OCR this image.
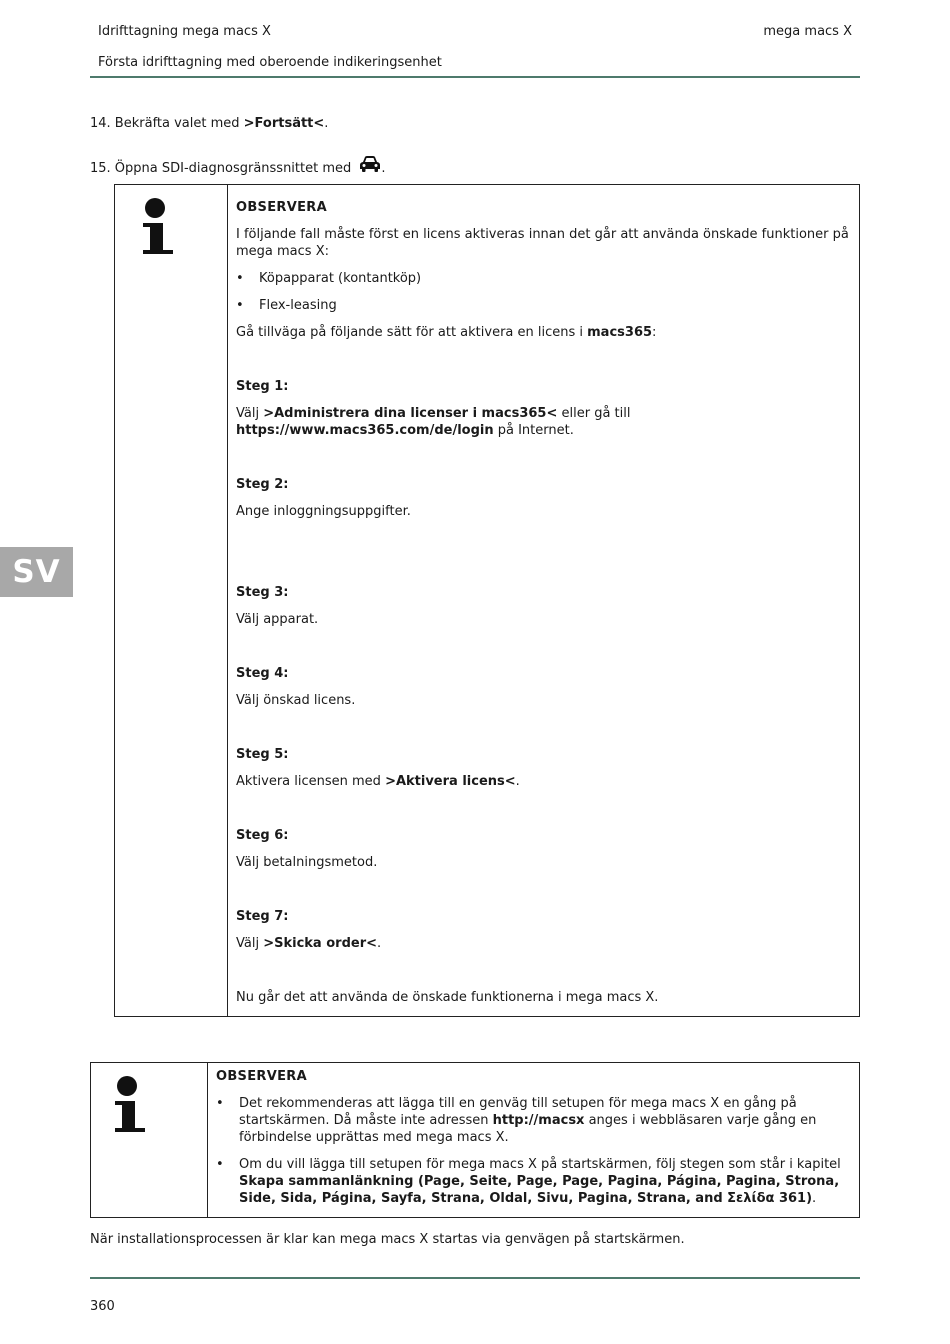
Idrifttagning mega macs X
Första idrifttagning med oberoende indikeringsenhet
mega macs X
14. Bekräfta valet med >Fortsätt<.
15. Öppna SDI-diagnosgränssnittet med .

OBSERVERA

I följande fall måste först en licens aktiveras innan det går att använda önskade funktioner på mega macs X:

• Köpapparat (kontantköp)

• Flex-leasing

Gå tillväga på följande sätt för att aktivera en licens i macs365:

Steg 1:

Välj >Administrera dina licenser i macs365< eller gå till https://www.macs365.com/de/login på Internet.

Steg 2:

Ange inloggningsuppgifter.

Steg 3:

Välj apparat.

Steg 4:

Välj önskad licens.

Steg 5:

Aktivera licensen med >Aktivera licens<.

Steg 6:

Välj betalningsmetod.

Steg 7:

Välj >Skicka order<.

Nu går det att använda de önskade funktionerna i mega macs X.

SV

OBSERVERA

• Det rekommenderas att lägga till en genväg till setupen för mega macs X en gång på startskärmen. Då måste inte adressen http://macsx anges i webbläsaren varje gång en förbindelse upprättas med mega macs X.

• Om du vill lägga till setupen för mega macs X på startskärmen, följ stegen som står i kapitel Skapa sammanlänkning (Page, Seite, Page, Page, Pagina, Página, Pagina, Strona, Side, Sida, Página, Sayfa, Strana, Oldal, Sivu, Pagina, Strana, and Σελίδα 361).

När installationsprocessen är klar kan mega macs X startas via genvägen på startskärmen.
360
